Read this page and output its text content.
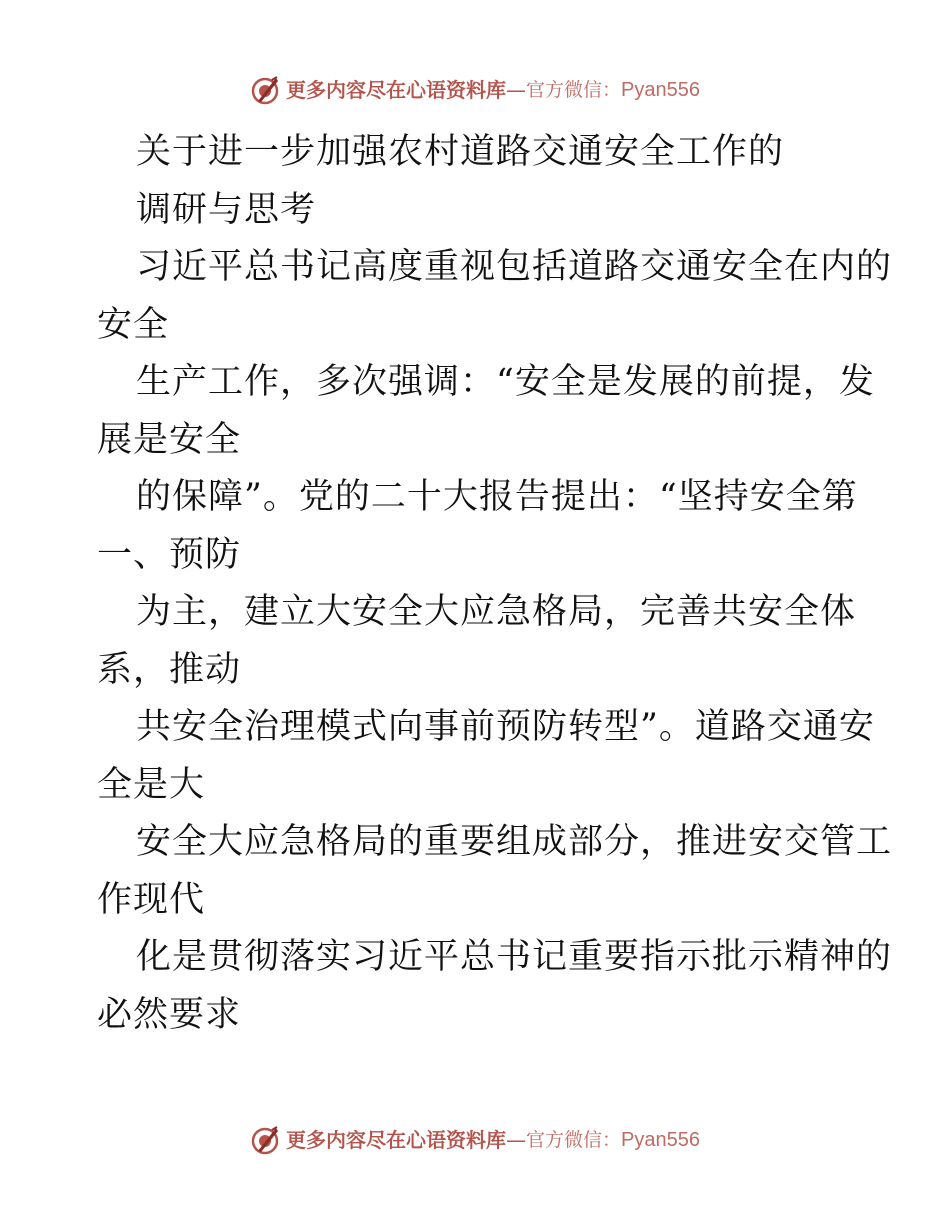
更多内容尽在心语资料库 — 官方微信： Pyan556
关于进一步加强农村道路交通安全工作的
调研与思考
习近平总书记高度重视包括道路交通安全在内的
安全
生产工作，多次强调：“安全是发展的前提，发
展是安全
的保障”。党的二十大报告提出：“坚持安全第
一、预防
为主，建立大安全大应急格局，完善共安全体
系，推动
共安全治理模式向事前预防转型”。道路交通安
全是大
安全大应急格局的重要组成部分，推进安交管工
作现代
化是贯彻落实习近平总书记重要指示批示精神的
必然要求
更多内容尽在心语资料库 — 官方微信： Pyan556
